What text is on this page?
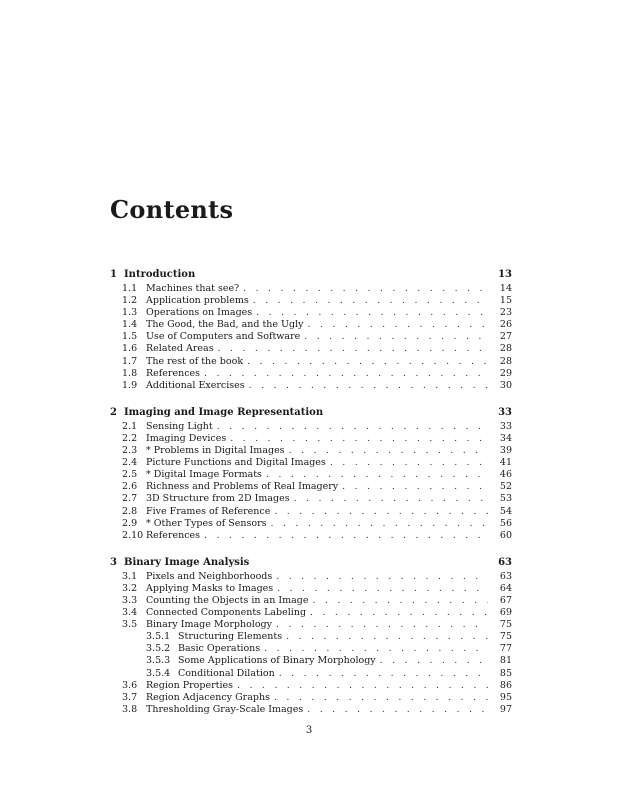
Contents
1 Introduction	13
1.1 Machines that see? . . .	14
1.2 Application problems . . .	15
1.3 Operations on Images . . .	23
1.4 The Good, the Bad, and the Ugly . . .	26
1.5 Use of Computers and Software . . .	27
1.6 Related Areas . . .	28
1.7 The rest of the book . . .	28
1.8 References . . .	29
1.9 Additional Exercises . . .	30
2 Imaging and Image Representation	33
2.1 Sensing Light . . .	33
2.2 Imaging Devices . . .	34
2.3 * Problems in Digital Images . . .	39
2.4 Picture Functions and Digital Images . . .	41
2.5 * Digital Image Formats . . .	46
2.6 Richness and Problems of Real Imagery . . .	52
2.7 3D Structure from 2D Images . . .	53
2.8 Five Frames of Reference . . .	54
2.9 * Other Types of Sensors . . .	56
2.10 References . . .	60
3 Binary Image Analysis	63
3.1 Pixels and Neighborhoods . . .	63
3.2 Applying Masks to Images . . .	64
3.3 Counting the Objects in an Image . . .	67
3.4 Connected Components Labeling . . .	69
3.5 Binary Image Morphology . . .	75
3.5.1 Structuring Elements . . .	75
3.5.2 Basic Operations . . .	77
3.5.3 Some Applications of Binary Morphology . . .	81
3.5.4 Conditional Dilation . . .	85
3.6 Region Properties . . .	86
3.7 Region Adjacency Graphs . . .	95
3.8 Thresholding Gray-Scale Images . . .	97
3
